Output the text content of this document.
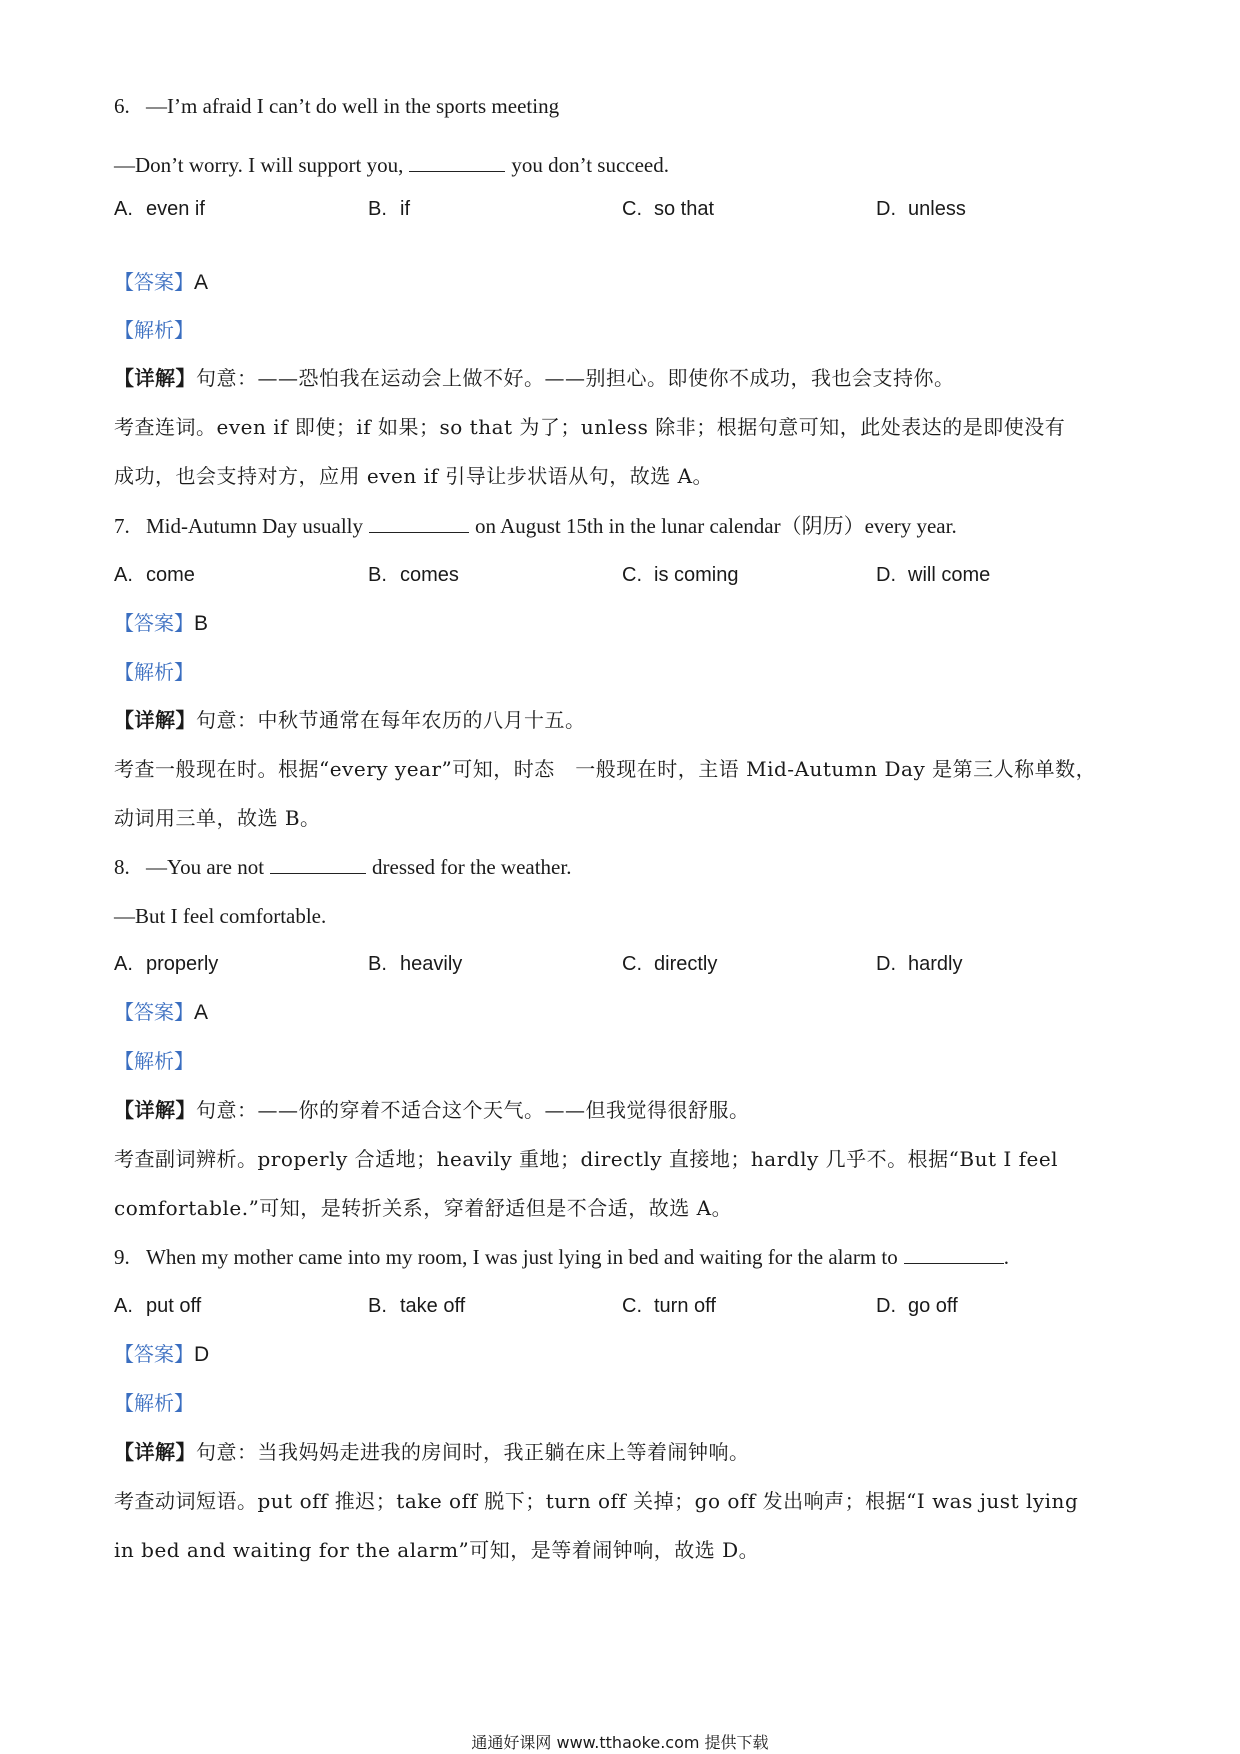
6. —I’m afraid I can’t do well in the sports meeting
—Don’t worry. I will support you,	you don’t succeed.
A. even if	B. if	C. so that	D. unless
【答案】A
【解析】
【详解】句意：——恐怕我在运动会上做不好。——别担心。即使你不成功，我也会支持你。
考查连词。even if 即使；if 如果；so that 为了；unless 除非；根据句意可知，此处表达的是即使没有
成功，也会支持对方，应用 even if 引导让步状语从句，故选 A。
7. Mid-Autumn Day usually	on August 15th in the lunar calendar（阴历）every year.
A. come	B. comes	C. is coming	D. will come
【答案】B
【解析】
【详解】句意：中秋节通常在每年农历的八月十五。
考查一般现在时。根据“every year”可知，时态　一般现在时，主语 Mid-Autumn Day 是第三人称单数，
动词用三单，故选 B。
8. —You are not	dressed for the weather.
—But I feel comfortable.
A. properly	B. heavily	C. directly	D. hardly
【答案】A
【解析】
【详解】句意：——你的穿着不适合这个天气。——但我觉得很舒服。
考查副词辨析。properly 合适地；heavily 重地；directly 直接地；hardly 几乎不。根据“But I feel
comfortable.”可知，是转折关系，穿着舒适但是不合适，故选 A。
9. When my mother came into my room, I was just lying in bed and waiting for the alarm to	.
A. put off	B. take off	C. turn off	D. go off
【答案】D
【解析】
【详解】句意：当我妈妈走进我的房间时，我正躺在床上等着闹钟响。
考查动词短语。put off 推迟；take off 脱下；turn off 关掉；go off 发出响声；根据“I was just lying
in bed and waiting for the alarm”可知，是等着闹钟响，故选 D。
通通好课网 www.tthaoke.com 提供下载
